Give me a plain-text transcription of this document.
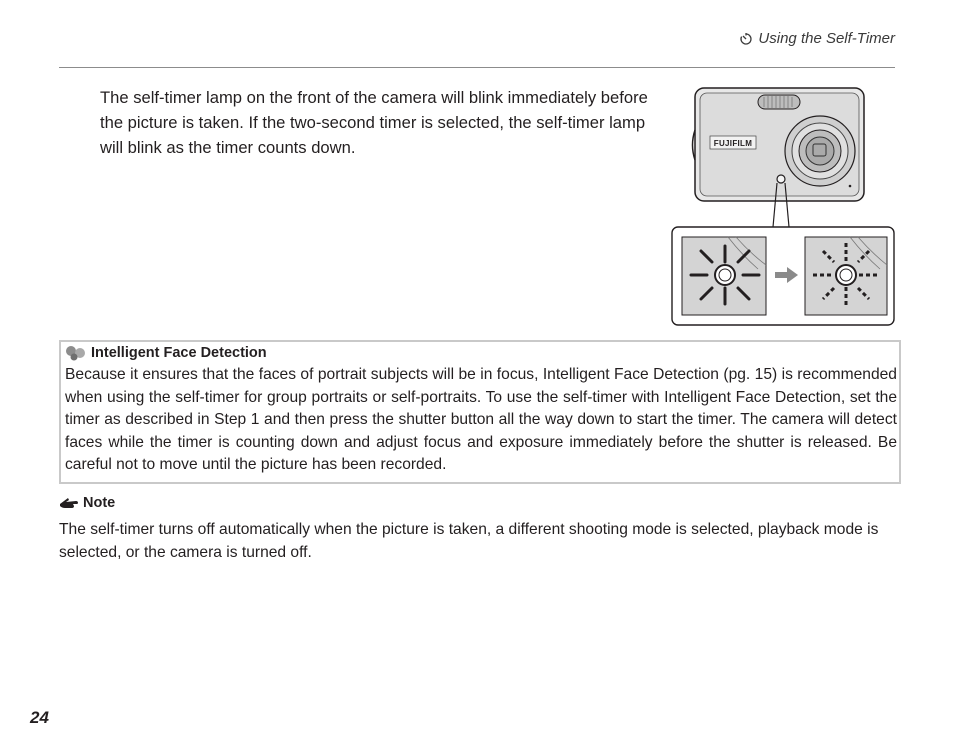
Using the Self-Timer

The self-timer lamp on the front of the camera will blink immediately before the picture is taken. If the two-second timer is selected, the self-timer lamp will blink as the timer counts down.	FUJIFILM
Intelligent Face Detection

Because it ensures that the faces of portrait subjects will be in focus, Intelligent Face Detection (pg. 15) is recommended when using the self-timer for group portraits or self-portraits. To use the self-timer with Intelligent Face Detection, set the timer as described in Step 1 and then press the shutter button all the way down to start the timer. The camera will detect faces while the timer is counting down and adjust focus and exposure immediately before the shutter is released. Be careful not to move until the picture has been recorded.

Note

The self-timer turns off automatically when the picture is taken, a different shooting mode is selected, playback mode is selected, or the camera is turned off.

24
